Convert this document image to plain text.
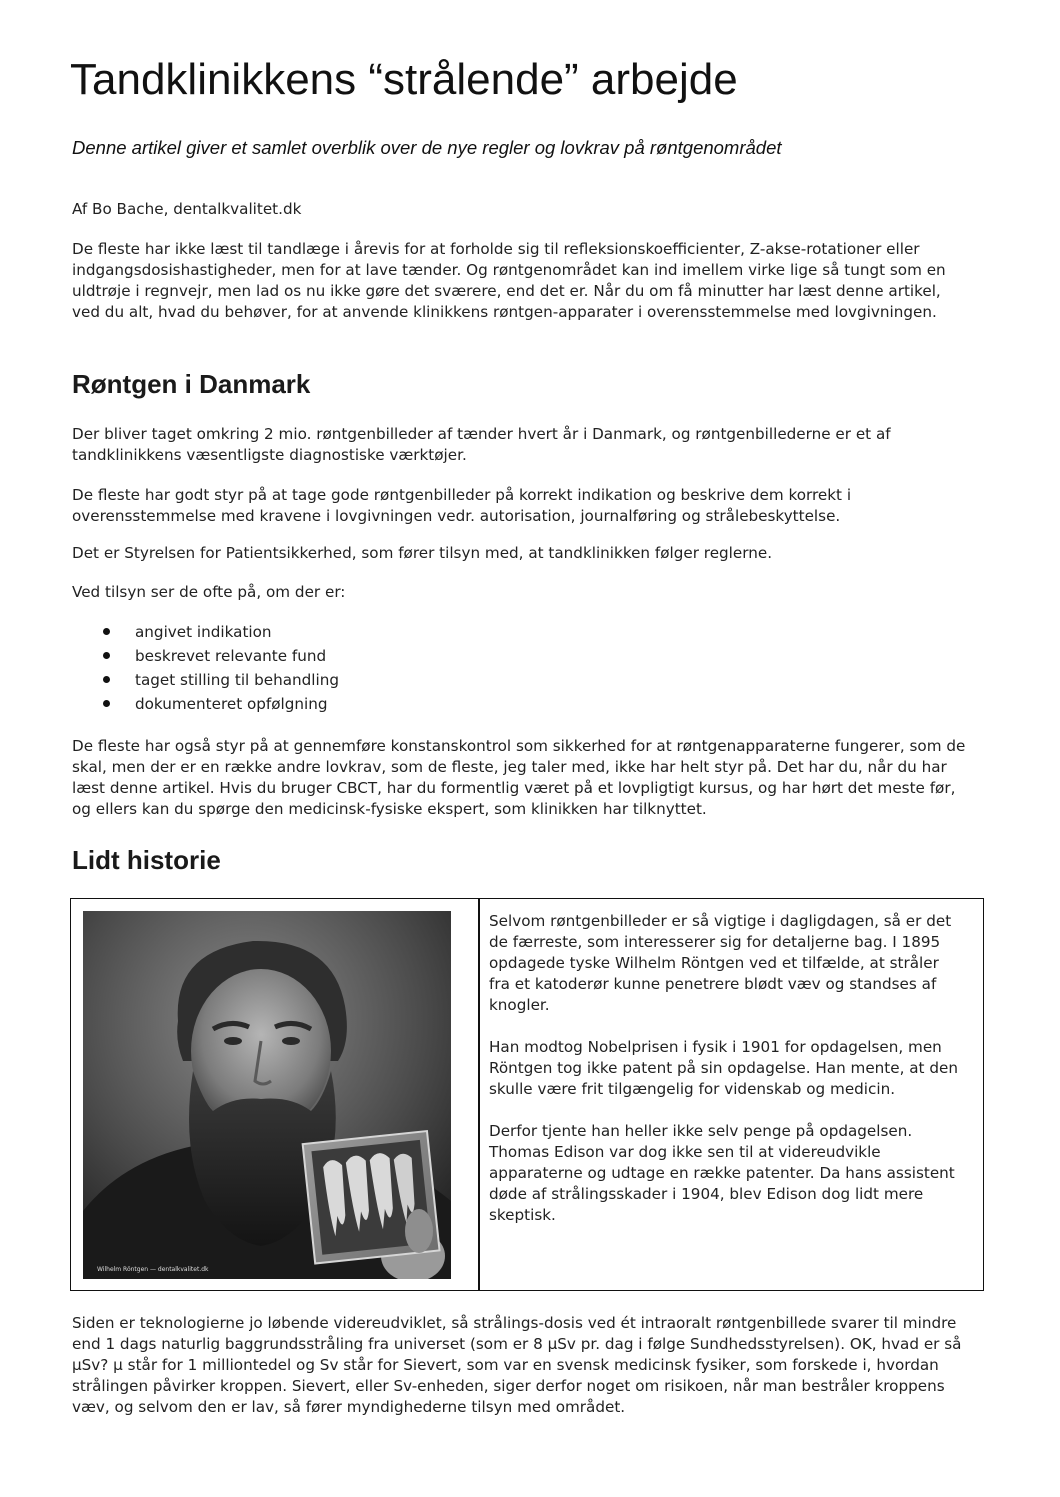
Tandklinikkens “strålende” arbejde

Denne artikel giver et samlet overblik over de nye regler og lovkrav på røntgenområdet

Af Bo Bache, dentalkvalitet.dk

De fleste har ikke læst til tandlæge i årevis for at forholde sig til refleksionskoefficienter, Z-akse-rotationer eller indgangsdosishastigheder, men for at lave tænder. Og røntgenområdet kan ind imellem virke lige så tungt som en uldtrøje i regnvejr, men lad os nu ikke gøre det sværere, end det er. Når du om få minutter har læst denne artikel, ved du alt, hvad du behøver, for at anvende klinikkens røntgen-apparater i overensstemmelse med lovgivningen.

Røntgen i Danmark

Der bliver taget omkring 2 mio. røntgenbilleder af tænder hvert år i Danmark, og røntgenbillederne er et af tandklinikkens væsentligste diagnostiske værktøjer.

De fleste har godt styr på at tage gode røntgenbilleder på korrekt indikation og beskrive dem korrekt i overensstemmelse med kravene i lovgivningen vedr. autorisation, journalføring og strålebeskyttelse.

Det er Styrelsen for Patientsikkerhed, som fører tilsyn med, at tandklinikken følger reglerne.

Ved tilsyn ser de ofte på, om der er:

angivet indikation
beskrevet relevante fund
taget stilling til behandling
dokumenteret opfølgning

De fleste har også styr på at gennemføre konstanskontrol som sikkerhed for at røntgenapparaterne fungerer, som de skal, men der er en række andre lovkrav, som de fleste, jeg taler med, ikke har helt styr på. Det har du, når du har læst denne artikel. Hvis du bruger CBCT, har du formentlig været på et lovpligtigt kursus, og har hørt det meste før, og ellers kan du spørge den medicinsk-fysiske ekspert, som klinikken har tilknyttet.

Lidt historie
Wilhelm Röntgen — dentalkvalitet.dk

Selvom røntgenbilleder er så vigtige i dagligdagen, så er det de færreste, som interesserer sig for detaljerne bag. I 1895 opdagede tyske Wilhelm Röntgen ved et tilfælde, at stråler fra et katoderør kunne penetrere blødt væv og standses af knogler.

Han modtog Nobelprisen i fysik i 1901 for opdagelsen, men Röntgen tog ikke patent på sin opdagelse. Han mente, at den skulle være frit tilgængelig for videnskab og medicin.

Derfor tjente han heller ikke selv penge på opdagelsen. Thomas Edison var dog ikke sen til at videreudvikle apparaterne og udtage en række patenter. Da hans assistent døde af strålingsskader i 1904, blev Edison dog lidt mere skeptisk.

Siden er teknologierne jo løbende videreudviklet, så strålings-dosis ved ét intraoralt røntgenbillede svarer til mindre end 1 dags naturlig baggrundsstråling fra universet (som er 8 µSv pr. dag i følge Sundhedsstyrelsen). OK, hvad er så µSv? µ står for 1 milliontedel og Sv står for Sievert, som var en svensk medicinsk fysiker, som forskede i, hvordan strålingen påvirker kroppen. Sievert, eller Sv-enheden, siger derfor noget om risikoen, når man bestråler kroppens væv, og selvom den er lav, så fører myndighederne tilsyn med området.
